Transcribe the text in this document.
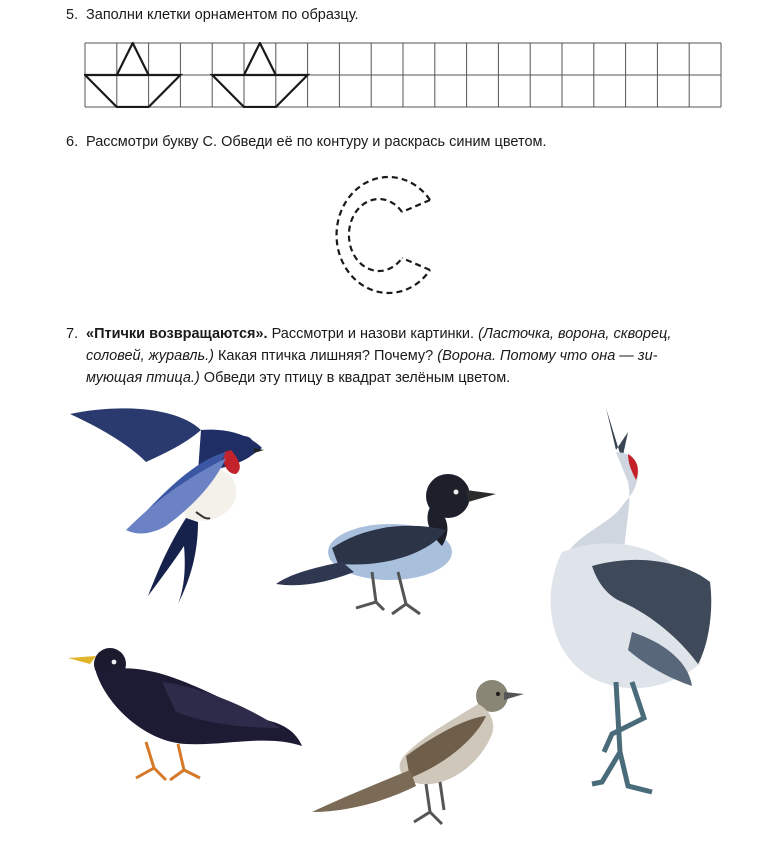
5. Заполни клетки орнаментом по образцу.
6. Рассмотри букву С. Обведи её по контуру и раскрась синим цветом.
7. «Птички возвращаются». Рассмотри и назови картинки. (Ласточка, ворона, скворец,
соловей, журавль.) Какая птичка лишняя? Почему? (Ворона. Потому что она — зи-
мующая птица.) Обведи эту птицу в квадрат зелёным цветом.
